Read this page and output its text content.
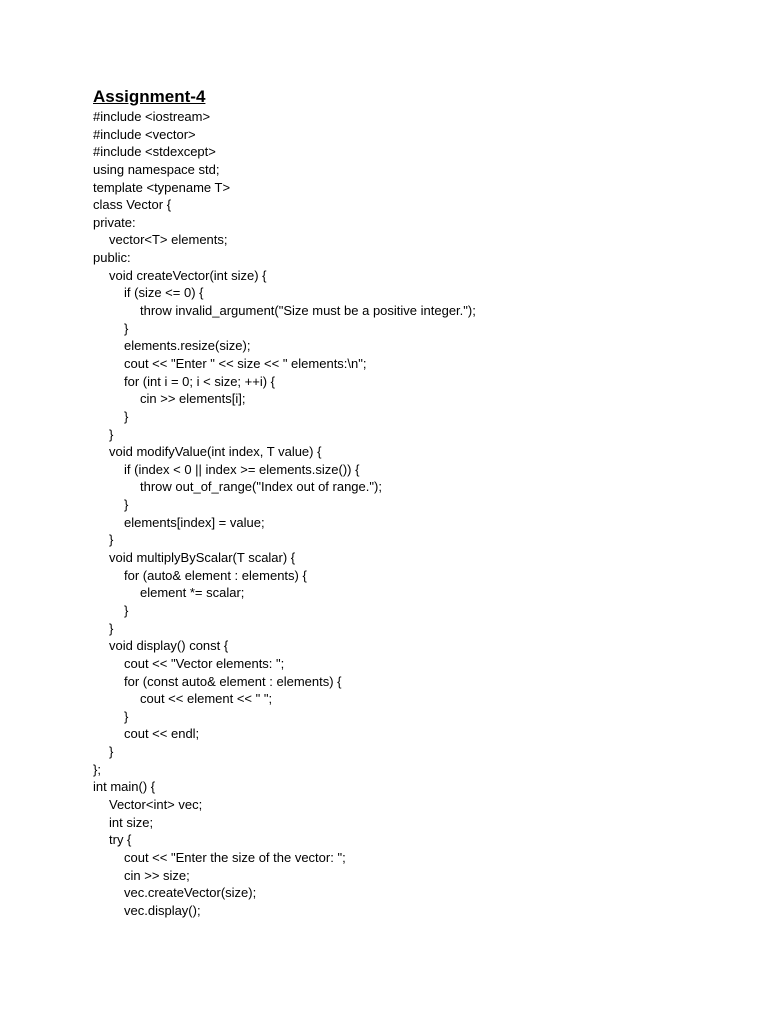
Assignment-4
#include <iostream>
#include <vector>
#include <stdexcept>
using namespace std;
template <typename T>
class Vector {
private:
vector<T> elements;
public:
void createVector(int size) {
if (size <= 0) {
throw invalid_argument("Size must be a positive integer.");
}
elements.resize(size);
cout << "Enter " << size << " elements:\n";
for (int i = 0; i < size; ++i) {
cin >> elements[i];
}
}
void modifyValue(int index, T value) {
if (index < 0 || index >= elements.size()) {
throw out_of_range("Index out of range.");
}
elements[index] = value;
}
void multiplyByScalar(T scalar) {
for (auto& element : elements) {
element *= scalar;
}
}
void display() const {
cout << "Vector elements: ";
for (const auto& element : elements) {
cout << element << " ";
}
cout << endl;
}
};
int main() {
Vector<int> vec;
int size;
try {
cout << "Enter the size of the vector: ";
cin >> size;
vec.createVector(size);
vec.display();
